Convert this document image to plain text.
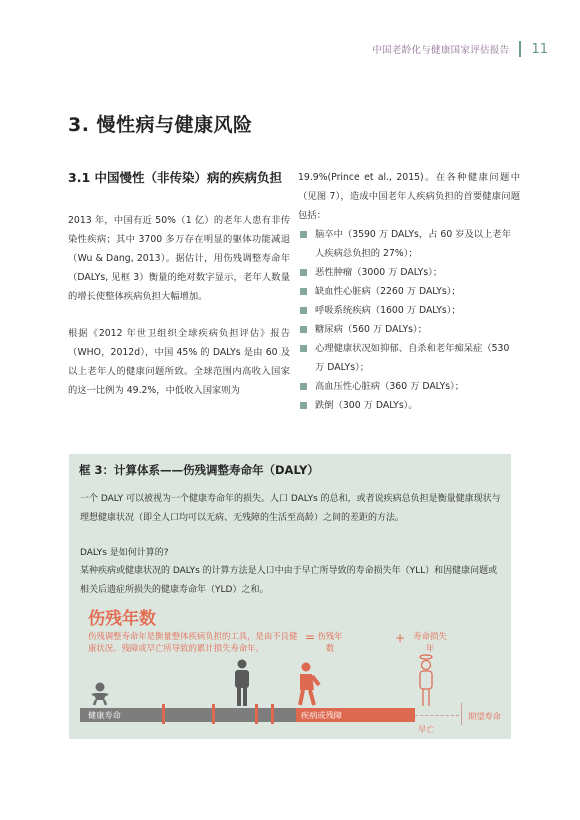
中国老龄化与健康国家评估报告 11
3. 慢性病与健康风险
3.1 中国慢性（非传染）病的疾病负担

2013 年，中国有近 50%（1 亿）的老年人患有非传染性疾病；其中 3700 多万存在明显的躯体功能减退（Wu & Dang, 2013）。据估计，用伤残调整寿命年（DALYs, 见框 3）衡量的绝对数字显示，老年人数量的增长使整体疾病负担大幅增加。

根据《2012 年世卫组织全球疾病负担评估》报告（WHO，2012d），中国 45% 的 DALYs 是由 60 及以上老年人的健康问题所致。全球范围内高收入国家的这一比例为 49.2%，中低收入国家则为

19.9%(Prince et al., 2015)。在各种健康问题中（见图 7），造成中国老年人疾病负担的首要健康问题包括：

脑卒中（3590 万 DALYs，占 60 岁及以上老年人疾病总负担的 27%）；
恶性肿瘤（3000 万 DALYs）；
缺血性心脏病（2260 万 DALYs）；
呼吸系统疾病（1600 万 DALYs）；
糖尿病（560 万 DALYs）；
心理健康状况如抑郁、自杀和老年痴呆症（530 万 DALYs）；
高血压性心脏病（360 万 DALYs）；
跌倒（300 万 DALYs）。
框 3：计算体系——伤残调整寿命年（DALY）

一个 DALY 可以被视为一个健康寿命年的损失。人口 DALYs 的总和，或者说疾病总负担是衡量健康现状与理想健康状况（即全人口均可以无病、无残障的生活至高龄）之间的差距的方法。

DALYs 是如何计算的?

某种疾病或健康状况的 DALYs 的计算方法是人口中由于早亡所导致的寿命损失年（YLL）和因健康问题或相关后遗症所损失的健康寿命年（YLD）之和。

伤残年数
伤残调整寿命年是衡量整体疾病负担的工具，是由不良健康状况、残障或早亡所导致的累计损失寿命年。
= 伤残年数
+ 寿命损失年
健康寿命	疾病或残障
早亡
期望寿命
